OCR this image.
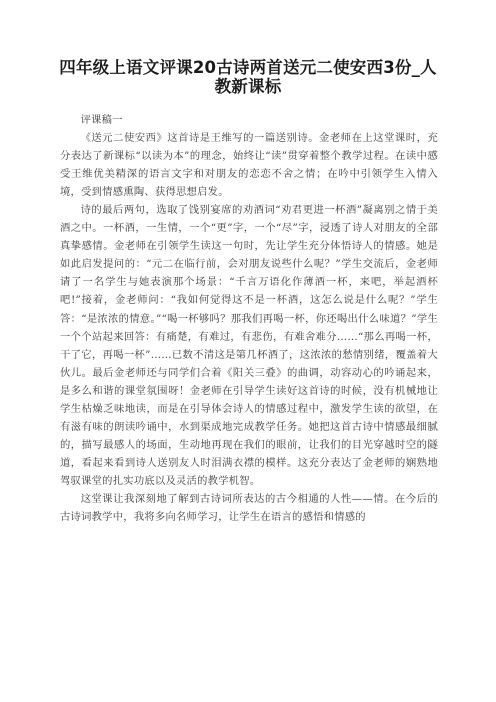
四年级上语文评课20古诗两首送元二使安西3份_人教新课标

评课稿一

《送元二使安西》这首诗是王维写的一篇送别诗。金老师在上这堂课时，充分表达了新课标“以读为本”的理念，始终让“读”贯穿着整个教学过程。在读中感受王维优美精深的语言文字和对朋友的恋恋不舍之情；在吟中引领学生入情入境，受到情感熏陶、获得思想启发。

诗的最后两句，选取了饯别宴席的劝酒词“劝君更进一杯酒”凝离别之情于美酒之中。一杯酒，一生情，一个“更”字，一个“尽”字，浸透了诗人对朋友的全部真挚感情。金老师在引领学生读这一句时，先让学生充分体悟诗人的情感。她是如此启发提问的：“元二在临行前，会对朋友说些什么呢？”学生交流后，金老师请了一名学生与她表演那个场景：“千言万语化作薄酒一杯，来吧，举起酒杯吧!”接着，金老师问：“我如何觉得这不是一杯酒，这怎么说是什么呢？”学生答：“是浓浓的情意。”“喝一杯够吗？那我们再喝一杯，你还喝出什么味道？”学生一个个站起来回答：有痛楚，有难过，有悲伤，有难舍难分……“那么再喝一杯，干了它，再喝一杯”……已数不清这是第几杯酒了，这浓浓的愁情别绪，覆盖着大伙儿。最后金老师还与同学们合着《阳关三叠》的曲调，动容动心的吟诵起来，是多么和谐的课堂氛围呀！金老师在引导学生读好这首诗的时候，没有机械地让学生枯燥乏味地读，而是在引导体会诗人的情感过程中，激发学生读的欲望，在有滋有味的朗读吟诵中，水到渠成地完成教学任务。她把这首古诗中情感最细腻的，描写最感人的场面，生动地再现在我们的眼前，让我们的目光穿越时空的隧道，看起来看到诗人送别友人时泪满衣襟的模样。这充分表达了金老师的娴熟地驾驭课堂的扎实功底以及灵活的教学机智。

这堂课让我深刻地了解到古诗词所表达的古今相通的人性——情。在今后的古诗词教学中，我将多向名师学习，让学生在语言的感悟和情感的
